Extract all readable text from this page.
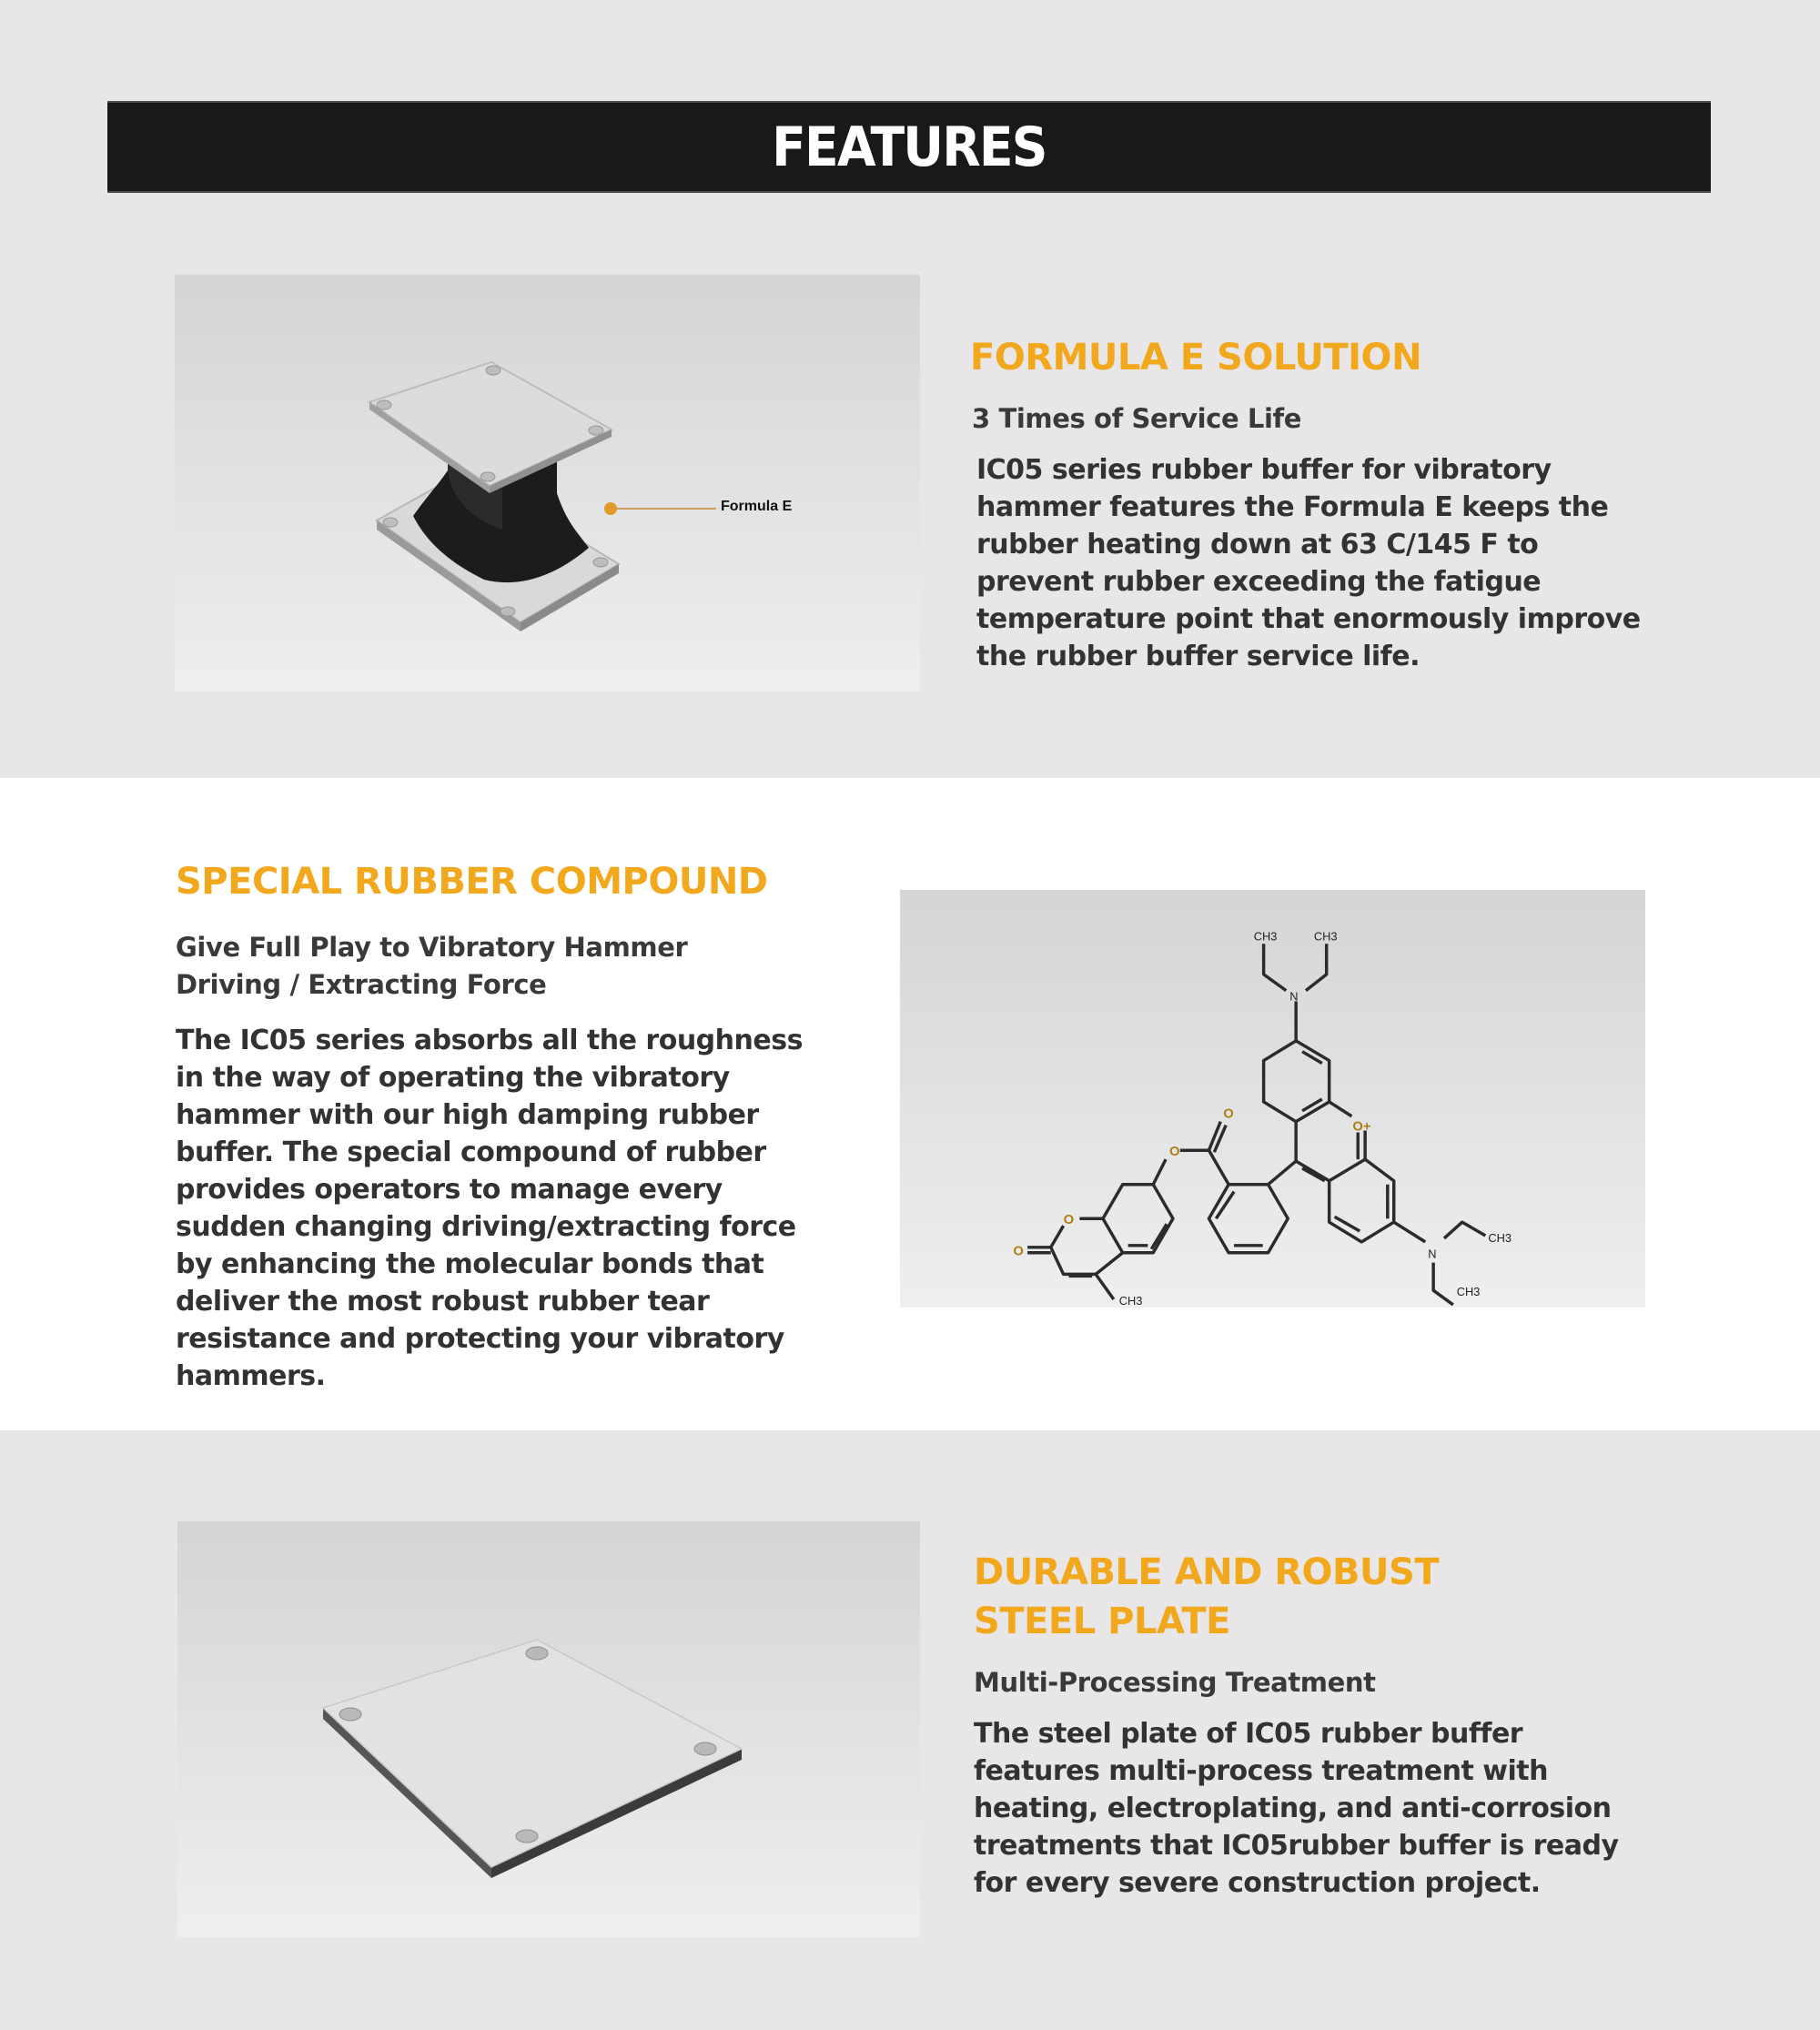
FEATURES
Formula E
FORMULA E SOLUTION
3 Times of Service Life
IC05 series rubber buffer for vibratory hammer features the Formula E keeps the rubber heating down at 63 C/145 F to prevent rubber exceeding the fatigue temperature point that enormously improve the rubber buffer service life.
SPECIAL RUBBER COMPOUND
Give Full Play to Vibratory Hammer Driving / Extracting Force
The IC05 series absorbs all the roughness in the way of operating the vibratory hammer with our high damping rubber buffer. The special compound of rubber provides operators to manage every sudden changing driving/extracting force by enhancing the molecular bonds that deliver the most robust rubber tear resistance and protecting your vibratory hammers.
O
O
O+
O
O
CH3	CH3
N
N
CH3
CH3
CH3
DURABLE AND ROBUST
STEEL PLATE
Multi-Processing Treatment
The steel plate of IC05 rubber buffer features multi-process treatment with heating, electroplating, and anti-corrosion treatments that IC05rubber buffer is ready for every severe construction project.
